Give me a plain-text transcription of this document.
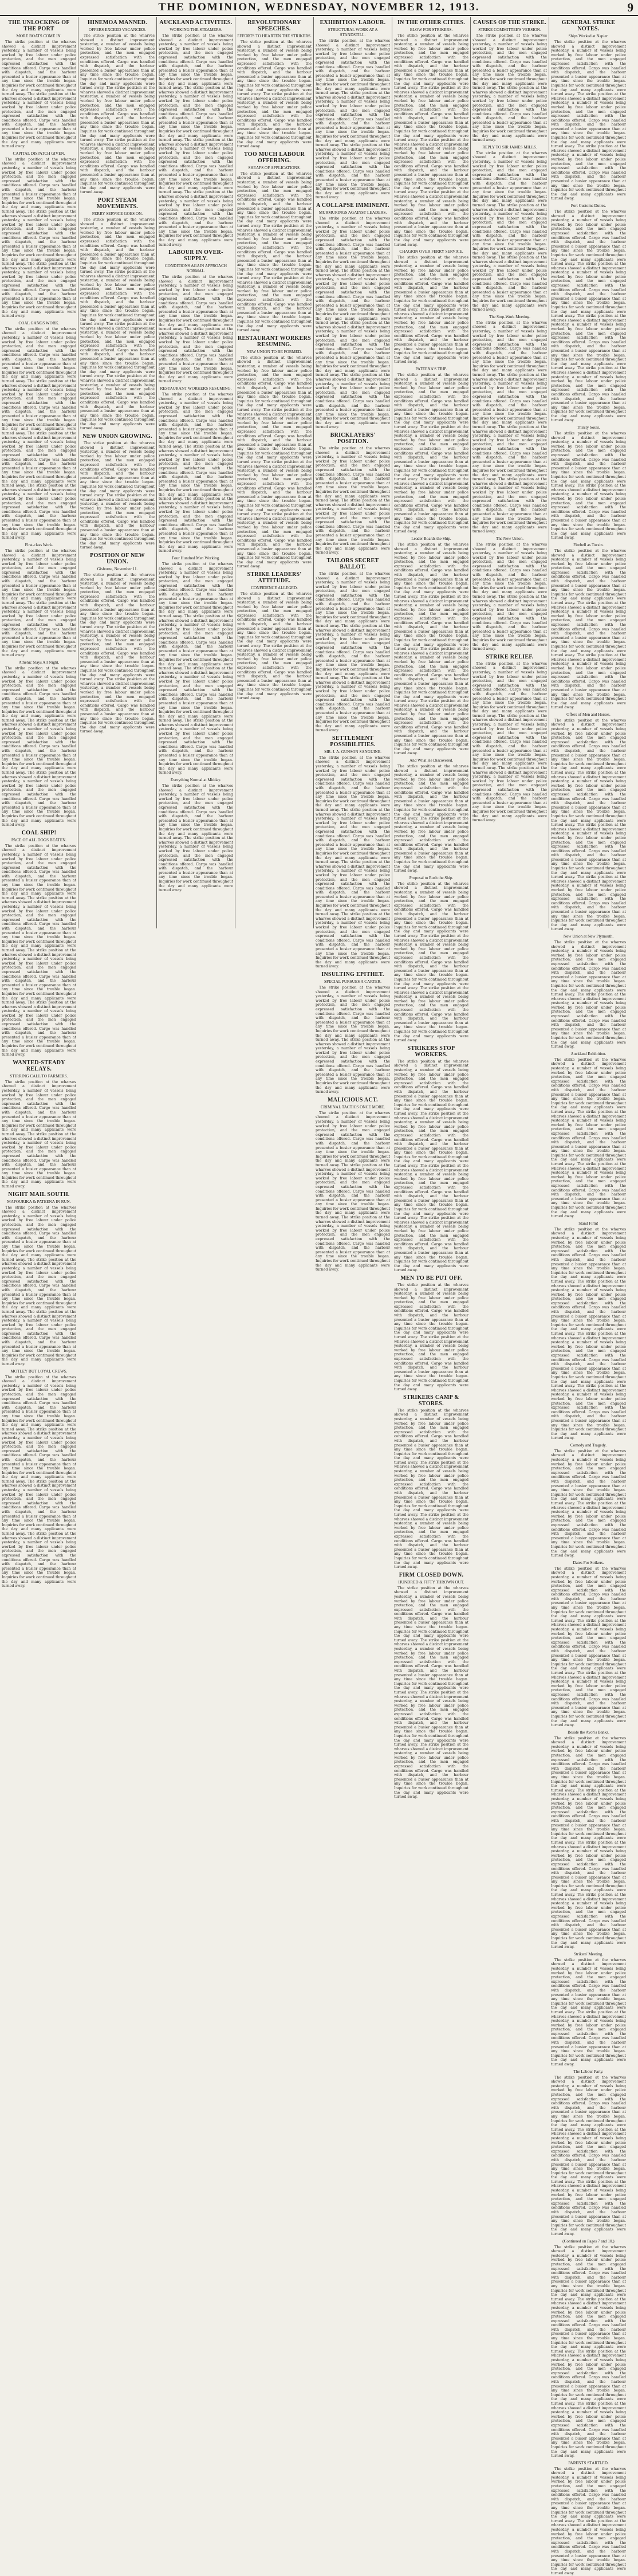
THE DOMINION, WEDNESDAY, NOVEMBER 12, 1913.	9
THE UNLOCKING OF THE PORT
MORE BOATS COME IN.
The strike position at the wharves showed a distinct improvement yesterday, a number of vessels being worked by free labour under police protection, and the men engaged expressed satisfaction with the conditions offered. Cargo was handled with dispatch, and the harbour presented a busier appearance than at any time since the trouble began. Inquiries for work continued throughout the day and many applicants were turned away. The strike position at the wharves showed a distinct improvement yesterday, a number of vessels being worked by free labour under police protection, and the men engaged expressed satisfaction with the conditions offered. Cargo was handled with dispatch, and the harbour presented a busier appearance than at any time since the trouble began. Inquiries for work continued throughout the day and many applicants were turned away.
CAPITAL DISPATCH GIVEN.
The strike position at the wharves showed a distinct improvement yesterday, a number of vessels being worked by free labour under police protection, and the men engaged expressed satisfaction with the conditions offered. Cargo was handled with dispatch, and the harbour presented a busier appearance than at any time since the trouble began. Inquiries for work continued throughout the day and many applicants were turned away. The strike position at the wharves showed a distinct improvement yesterday, a number of vessels being worked by free labour under police protection, and the men engaged expressed satisfaction with the conditions offered. Cargo was handled with dispatch, and the harbour presented a busier appearance than at any time since the trouble began. Inquiries for work continued throughout the day and many applicants were turned away. The strike position at the wharves showed a distinct improvement yesterday, a number of vessels being worked by free labour under police protection, and the men engaged expressed satisfaction with the conditions offered. Cargo was handled with dispatch, and the harbour presented a busier appearance than at any time since the trouble began. Inquiries for work continued throughout the day and many applicants were turned away.
COAL GANGS WORK.
The strike position at the wharves showed a distinct improvement yesterday, a number of vessels being worked by free labour under police protection, and the men engaged expressed satisfaction with the conditions offered. Cargo was handled with dispatch, and the harbour presented a busier appearance than at any time since the trouble began. Inquiries for work continued throughout the day and many applicants were turned away. The strike position at the wharves showed a distinct improvement yesterday, a number of vessels being worked by free labour under police protection, and the men engaged expressed satisfaction with the conditions offered. Cargo was handled with dispatch, and the harbour presented a busier appearance than at any time since the trouble began. Inquiries for work continued throughout the day and many applicants were turned away. The strike position at the wharves showed a distinct improvement yesterday, a number of vessels being worked by free labour under police protection, and the men engaged expressed satisfaction with the conditions offered. Cargo was handled with dispatch, and the harbour presented a busier appearance than at any time since the trouble began. Inquiries for work continued throughout the day and many applicants were turned away. The strike position at the wharves showed a distinct improvement yesterday, a number of vessels being worked by free labour under police protection, and the men engaged expressed satisfaction with the conditions offered. Cargo was handled with dispatch, and the harbour presented a busier appearance than at any time since the trouble began. Inquiries for work continued throughout the day and many applicants were turned away.
First-class Work.
The strike position at the wharves showed a distinct improvement yesterday, a number of vessels being worked by free labour under police protection, and the men engaged expressed satisfaction with the conditions offered. Cargo was handled with dispatch, and the harbour presented a busier appearance than at any time since the trouble began. Inquiries for work continued throughout the day and many applicants were turned away. The strike position at the wharves showed a distinct improvement yesterday, a number of vessels being worked by free labour under police protection, and the men engaged expressed satisfaction with the conditions offered. Cargo was handled with dispatch, and the harbour presented a busier appearance than at any time since the trouble began. Inquiries for work continued throughout the day and many applicants were turned away.
Athenic Stays All Night.
The strike position at the wharves showed a distinct improvement yesterday, a number of vessels being worked by free labour under police protection, and the men engaged expressed satisfaction with the conditions offered. Cargo was handled with dispatch, and the harbour presented a busier appearance than at any time since the trouble began. Inquiries for work continued throughout the day and many applicants were turned away. The strike position at the wharves showed a distinct improvement yesterday, a number of vessels being worked by free labour under police protection, and the men engaged expressed satisfaction with the conditions offered. Cargo was handled with dispatch, and the harbour presented a busier appearance than at any time since the trouble began. Inquiries for work continued throughout the day and many applicants were turned away. The strike position at the wharves showed a distinct improvement yesterday, a number of vessels being worked by free labour under police protection, and the men engaged expressed satisfaction with the conditions offered. Cargo was handled with dispatch, and the harbour presented a busier appearance than at any time since the trouble began. Inquiries for work continued throughout the day and many applicants were turned away.
COAL SHIP!
PACE OF ALL DOGS BEATEN.
The strike position at the wharves showed a distinct improvement yesterday, a number of vessels being worked by free labour under police protection, and the men engaged expressed satisfaction with the conditions offered. Cargo was handled with dispatch, and the harbour presented a busier appearance than at any time since the trouble began. Inquiries for work continued throughout the day and many applicants were turned away. The strike position at the wharves showed a distinct improvement yesterday, a number of vessels being worked by free labour under police protection, and the men engaged expressed satisfaction with the conditions offered. Cargo was handled with dispatch, and the harbour presented a busier appearance than at any time since the trouble began. Inquiries for work continued throughout the day and many applicants were turned away. The strike position at the wharves showed a distinct improvement yesterday, a number of vessels being worked by free labour under police protection, and the men engaged expressed satisfaction with the conditions offered. Cargo was handled with dispatch, and the harbour presented a busier appearance than at any time since the trouble began. Inquiries for work continued throughout the day and many applicants were turned away. The strike position at the wharves showed a distinct improvement yesterday, a number of vessels being worked by free labour under police protection, and the men engaged expressed satisfaction with the conditions offered. Cargo was handled with dispatch, and the harbour presented a busier appearance than at any time since the trouble began. Inquiries for work continued throughout the day and many applicants were turned away.
WANTED-STEADY RELAYS.
STIRRING CALL TO FARMERS.
The strike position at the wharves showed a distinct improvement yesterday, a number of vessels being worked by free labour under police protection, and the men engaged expressed satisfaction with the conditions offered. Cargo was handled with dispatch, and the harbour presented a busier appearance than at any time since the trouble began. Inquiries for work continued throughout the day and many applicants were turned away. The strike position at the wharves showed a distinct improvement yesterday, a number of vessels being worked by free labour under police protection, and the men engaged expressed satisfaction with the conditions offered. Cargo was handled with dispatch, and the harbour presented a busier appearance than at any time since the trouble began. Inquiries for work continued throughout the day and many applicants were turned away.
NIGHT MAIL SOUTH.
MAPOURIKA & PATEENA IN RUN.
The strike position at the wharves showed a distinct improvement yesterday, a number of vessels being worked by free labour under police protection, and the men engaged expressed satisfaction with the conditions offered. Cargo was handled with dispatch, and the harbour presented a busier appearance than at any time since the trouble began. Inquiries for work continued throughout the day and many applicants were turned away. The strike position at the wharves showed a distinct improvement yesterday, a number of vessels being worked by free labour under police protection, and the men engaged expressed satisfaction with the conditions offered. Cargo was handled with dispatch, and the harbour presented a busier appearance than at any time since the trouble began. Inquiries for work continued throughout the day and many applicants were turned away. The strike position at the wharves showed a distinct improvement yesterday, a number of vessels being worked by free labour under police protection, and the men engaged expressed satisfaction with the conditions offered. Cargo was handled with dispatch, and the harbour presented a busier appearance than at any time since the trouble began. Inquiries for work continued throughout the day and many applicants were turned away.
MOTLEY BUT LOYAL CREWS.
The strike position at the wharves showed a distinct improvement yesterday, a number of vessels being worked by free labour under police protection, and the men engaged expressed satisfaction with the conditions offered. Cargo was handled with dispatch, and the harbour presented a busier appearance than at any time since the trouble began. Inquiries for work continued throughout the day and many applicants were turned away. The strike position at the wharves showed a distinct improvement yesterday, a number of vessels being worked by free labour under police protection, and the men engaged expressed satisfaction with the conditions offered. Cargo was handled with dispatch, and the harbour presented a busier appearance than at any time since the trouble began. Inquiries for work continued throughout the day and many applicants were turned away. The strike position at the wharves showed a distinct improvement yesterday, a number of vessels being worked by free labour under police protection, and the men engaged expressed satisfaction with the conditions offered. Cargo was handled with dispatch, and the harbour presented a busier appearance than at any time since the trouble began. Inquiries for work continued throughout the day and many applicants were turned away. The strike position at the wharves showed a distinct improvement yesterday, a number of vessels being worked by free labour under police protection, and the men engaged expressed satisfaction with the conditions offered. Cargo was handled with dispatch, and the harbour presented a busier appearance than at any time since the trouble began. Inquiries for work continued throughout the day and many applicants were turned away.
HINEMOA MANNED.
OFFERS EXCEED VACANCIES.
The strike position at the wharves showed a distinct improvement yesterday, a number of vessels being worked by free labour under police protection, and the men engaged expressed satisfaction with the conditions offered. Cargo was handled with dispatch, and the harbour presented a busier appearance than at any time since the trouble began. Inquiries for work continued throughout the day and many applicants were turned away. The strike position at the wharves showed a distinct improvement yesterday, a number of vessels being worked by free labour under police protection, and the men engaged expressed satisfaction with the conditions offered. Cargo was handled with dispatch, and the harbour presented a busier appearance than at any time since the trouble began. Inquiries for work continued throughout the day and many applicants were turned away. The strike position at the wharves showed a distinct improvement yesterday, a number of vessels being worked by free labour under police protection, and the men engaged expressed satisfaction with the conditions offered. Cargo was handled with dispatch, and the harbour presented a busier appearance than at any time since the trouble began. Inquiries for work continued throughout the day and many applicants were turned away.
PORT STEAM MOVEMENTS.
FERRY SERVICE GOES ON.
The strike position at the wharves showed a distinct improvement yesterday, a number of vessels being worked by free labour under police protection, and the men engaged expressed satisfaction with the conditions offered. Cargo was handled with dispatch, and the harbour presented a busier appearance than at any time since the trouble began. Inquiries for work continued throughout the day and many applicants were turned away. The strike position at the wharves showed a distinct improvement yesterday, a number of vessels being worked by free labour under police protection, and the men engaged expressed satisfaction with the conditions offered. Cargo was handled with dispatch, and the harbour presented a busier appearance than at any time since the trouble began. Inquiries for work continued throughout the day and many applicants were turned away. The strike position at the wharves showed a distinct improvement yesterday, a number of vessels being worked by free labour under police protection, and the men engaged expressed satisfaction with the conditions offered. Cargo was handled with dispatch, and the harbour presented a busier appearance than at any time since the trouble began. Inquiries for work continued throughout the day and many applicants were turned away. The strike position at the wharves showed a distinct improvement yesterday, a number of vessels being worked by free labour under police protection, and the men engaged expressed satisfaction with the conditions offered. Cargo was handled with dispatch, and the harbour presented a busier appearance than at any time since the trouble began. Inquiries for work continued throughout the day and many applicants were turned away.
NEW UNION GROWING.
The strike position at the wharves showed a distinct improvement yesterday, a number of vessels being worked by free labour under police protection, and the men engaged expressed satisfaction with the conditions offered. Cargo was handled with dispatch, and the harbour presented a busier appearance than at any time since the trouble began. Inquiries for work continued throughout the day and many applicants were turned away. The strike position at the wharves showed a distinct improvement yesterday, a number of vessels being worked by free labour under police protection, and the men engaged expressed satisfaction with the conditions offered. Cargo was handled with dispatch, and the harbour presented a busier appearance than at any time since the trouble began. Inquiries for work continued throughout the day and many applicants were turned away.
POSITION OF NEW UNION.
Gisborne, November 11.
The strike position at the wharves showed a distinct improvement yesterday, a number of vessels being worked by free labour under police protection, and the men engaged expressed satisfaction with the conditions offered. Cargo was handled with dispatch, and the harbour presented a busier appearance than at any time since the trouble began. Inquiries for work continued throughout the day and many applicants were turned away. The strike position at the wharves showed a distinct improvement yesterday, a number of vessels being worked by free labour under police protection, and the men engaged expressed satisfaction with the conditions offered. Cargo was handled with dispatch, and the harbour presented a busier appearance than at any time since the trouble began. Inquiries for work continued throughout the day and many applicants were turned away. The strike position at the wharves showed a distinct improvement yesterday, a number of vessels being worked by free labour under police protection, and the men engaged expressed satisfaction with the conditions offered. Cargo was handled with dispatch, and the harbour presented a busier appearance than at any time since the trouble began. Inquiries for work continued throughout the day and many applicants were turned away.
AUCKLAND ACTIVITIES.
WORKING THE STEAMERS.
The strike position at the wharves showed a distinct improvement yesterday, a number of vessels being worked by free labour under police protection, and the men engaged expressed satisfaction with the conditions offered. Cargo was handled with dispatch, and the harbour presented a busier appearance than at any time since the trouble began. Inquiries for work continued throughout the day and many applicants were turned away. The strike position at the wharves showed a distinct improvement yesterday, a number of vessels being worked by free labour under police protection, and the men engaged expressed satisfaction with the conditions offered. Cargo was handled with dispatch, and the harbour presented a busier appearance than at any time since the trouble began. Inquiries for work continued throughout the day and many applicants were turned away. The strike position at the wharves showed a distinct improvement yesterday, a number of vessels being worked by free labour under police protection, and the men engaged expressed satisfaction with the conditions offered. Cargo was handled with dispatch, and the harbour presented a busier appearance than at any time since the trouble began. Inquiries for work continued throughout the day and many applicants were turned away. The strike position at the wharves showed a distinct improvement yesterday, a number of vessels being worked by free labour under police protection, and the men engaged expressed satisfaction with the conditions offered. Cargo was handled with dispatch, and the harbour presented a busier appearance than at any time since the trouble began. Inquiries for work continued throughout the day and many applicants were turned away.
LABOUR IN OVER-SUPPLY.
CONDITIONS AGAIN APPROACH NORMAL.
The strike position at the wharves showed a distinct improvement yesterday, a number of vessels being worked by free labour under police protection, and the men engaged expressed satisfaction with the conditions offered. Cargo was handled with dispatch, and the harbour presented a busier appearance than at any time since the trouble began. Inquiries for work continued throughout the day and many applicants were turned away. The strike position at the wharves showed a distinct improvement yesterday, a number of vessels being worked by free labour under police protection, and the men engaged expressed satisfaction with the conditions offered. Cargo was handled with dispatch, and the harbour presented a busier appearance than at any time since the trouble began. Inquiries for work continued throughout the day and many applicants were turned away.
RESTAURANT WORKERS RESUMING.
The strike position at the wharves showed a distinct improvement yesterday, a number of vessels being worked by free labour under police protection, and the men engaged expressed satisfaction with the conditions offered. Cargo was handled with dispatch, and the harbour presented a busier appearance than at any time since the trouble began. Inquiries for work continued throughout the day and many applicants were turned away. The strike position at the wharves showed a distinct improvement yesterday, a number of vessels being worked by free labour under police protection, and the men engaged expressed satisfaction with the conditions offered. Cargo was handled with dispatch, and the harbour presented a busier appearance than at any time since the trouble began. Inquiries for work continued throughout the day and many applicants were turned away. The strike position at the wharves showed a distinct improvement yesterday, a number of vessels being worked by free labour under police protection, and the men engaged expressed satisfaction with the conditions offered. Cargo was handled with dispatch, and the harbour presented a busier appearance than at any time since the trouble began. Inquiries for work continued throughout the day and many applicants were turned away.
Four Hundred Men Working.
The strike position at the wharves showed a distinct improvement yesterday, a number of vessels being worked by free labour under police protection, and the men engaged expressed satisfaction with the conditions offered. Cargo was handled with dispatch, and the harbour presented a busier appearance than at any time since the trouble began. Inquiries for work continued throughout the day and many applicants were turned away. The strike position at the wharves showed a distinct improvement yesterday, a number of vessels being worked by free labour under police protection, and the men engaged expressed satisfaction with the conditions offered. Cargo was handled with dispatch, and the harbour presented a busier appearance than at any time since the trouble began. Inquiries for work continued throughout the day and many applicants were turned away. The strike position at the wharves showed a distinct improvement yesterday, a number of vessels being worked by free labour under police protection, and the men engaged expressed satisfaction with the conditions offered. Cargo was handled with dispatch, and the harbour presented a busier appearance than at any time since the trouble began. Inquiries for work continued throughout the day and many applicants were turned away. The strike position at the wharves showed a distinct improvement yesterday, a number of vessels being worked by free labour under police protection, and the men engaged expressed satisfaction with the conditions offered. Cargo was handled with dispatch, and the harbour presented a busier appearance than at any time since the trouble began. Inquiries for work continued throughout the day and many applicants were turned away.
Everything Normal at Midday.
The strike position at the wharves showed a distinct improvement yesterday, a number of vessels being worked by free labour under police protection, and the men engaged expressed satisfaction with the conditions offered. Cargo was handled with dispatch, and the harbour presented a busier appearance than at any time since the trouble began. Inquiries for work continued throughout the day and many applicants were turned away. The strike position at the wharves showed a distinct improvement yesterday, a number of vessels being worked by free labour under police protection, and the men engaged expressed satisfaction with the conditions offered. Cargo was handled with dispatch, and the harbour presented a busier appearance than at any time since the trouble began. Inquiries for work continued throughout the day and many applicants were turned away.
REVOLUTIONARY SPEECHES.
EFFORTS TO HEARTEN THE STRIKERS.
The strike position at the wharves showed a distinct improvement yesterday, a number of vessels being worked by free labour under police protection, and the men engaged expressed satisfaction with the conditions offered. Cargo was handled with dispatch, and the harbour presented a busier appearance than at any time since the trouble began. Inquiries for work continued throughout the day and many applicants were turned away. The strike position at the wharves showed a distinct improvement yesterday, a number of vessels being worked by free labour under police protection, and the men engaged expressed satisfaction with the conditions offered. Cargo was handled with dispatch, and the harbour presented a busier appearance than at any time since the trouble began. Inquiries for work continued throughout the day and many applicants were turned away.
TOO MUCH LABOUR OFFERING.
SHEAFS OF APPLICATIONS.
The strike position at the wharves showed a distinct improvement yesterday, a number of vessels being worked by free labour under police protection, and the men engaged expressed satisfaction with the conditions offered. Cargo was handled with dispatch, and the harbour presented a busier appearance than at any time since the trouble began. Inquiries for work continued throughout the day and many applicants were turned away. The strike position at the wharves showed a distinct improvement yesterday, a number of vessels being worked by free labour under police protection, and the men engaged expressed satisfaction with the conditions offered. Cargo was handled with dispatch, and the harbour presented a busier appearance than at any time since the trouble began. Inquiries for work continued throughout the day and many applicants were turned away. The strike position at the wharves showed a distinct improvement yesterday, a number of vessels being worked by free labour under police protection, and the men engaged expressed satisfaction with the conditions offered. Cargo was handled with dispatch, and the harbour presented a busier appearance than at any time since the trouble began. Inquiries for work continued throughout the day and many applicants were turned away.
RESTAURANT WORKERS RESUMING.
NEW UNION TO BE FORMED.
The strike position at the wharves showed a distinct improvement yesterday, a number of vessels being worked by free labour under police protection, and the men engaged expressed satisfaction with the conditions offered. Cargo was handled with dispatch, and the harbour presented a busier appearance than at any time since the trouble began. Inquiries for work continued throughout the day and many applicants were turned away. The strike position at the wharves showed a distinct improvement yesterday, a number of vessels being worked by free labour under police protection, and the men engaged expressed satisfaction with the conditions offered. Cargo was handled with dispatch, and the harbour presented a busier appearance than at any time since the trouble began. Inquiries for work continued throughout the day and many applicants were turned away. The strike position at the wharves showed a distinct improvement yesterday, a number of vessels being worked by free labour under police protection, and the men engaged expressed satisfaction with the conditions offered. Cargo was handled with dispatch, and the harbour presented a busier appearance than at any time since the trouble began. Inquiries for work continued throughout the day and many applicants were turned away. The strike position at the wharves showed a distinct improvement yesterday, a number of vessels being worked by free labour under police protection, and the men engaged expressed satisfaction with the conditions offered. Cargo was handled with dispatch, and the harbour presented a busier appearance than at any time since the trouble began. Inquiries for work continued throughout the day and many applicants were turned away.
STRIKE LEADERS' ATTITUDE.
CONFIDENCE ALLEGED.
The strike position at the wharves showed a distinct improvement yesterday, a number of vessels being worked by free labour under police protection, and the men engaged expressed satisfaction with the conditions offered. Cargo was handled with dispatch, and the harbour presented a busier appearance than at any time since the trouble began. Inquiries for work continued throughout the day and many applicants were turned away. The strike position at the wharves showed a distinct improvement yesterday, a number of vessels being worked by free labour under police protection, and the men engaged expressed satisfaction with the conditions offered. Cargo was handled with dispatch, and the harbour presented a busier appearance than at any time since the trouble began. Inquiries for work continued throughout the day and many applicants were turned away.
EXHIBITION LABOUR.
STRUCTURAL WORK AT A STANDSTILL.
The strike position at the wharves showed a distinct improvement yesterday, a number of vessels being worked by free labour under police protection, and the men engaged expressed satisfaction with the conditions offered. Cargo was handled with dispatch, and the harbour presented a busier appearance than at any time since the trouble began. Inquiries for work continued throughout the day and many applicants were turned away. The strike position at the wharves showed a distinct improvement yesterday, a number of vessels being worked by free labour under police protection, and the men engaged expressed satisfaction with the conditions offered. Cargo was handled with dispatch, and the harbour presented a busier appearance than at any time since the trouble began. Inquiries for work continued throughout the day and many applicants were turned away. The strike position at the wharves showed a distinct improvement yesterday, a number of vessels being worked by free labour under police protection, and the men engaged expressed satisfaction with the conditions offered. Cargo was handled with dispatch, and the harbour presented a busier appearance than at any time since the trouble began. Inquiries for work continued throughout the day and many applicants were turned away.
A COLLAPSE IMMINENT.
MURMURINGS AGAINST LEADERS.
The strike position at the wharves showed a distinct improvement yesterday, a number of vessels being worked by free labour under police protection, and the men engaged expressed satisfaction with the conditions offered. Cargo was handled with dispatch, and the harbour presented a busier appearance than at any time since the trouble began. Inquiries for work continued throughout the day and many applicants were turned away. The strike position at the wharves showed a distinct improvement yesterday, a number of vessels being worked by free labour under police protection, and the men engaged expressed satisfaction with the conditions offered. Cargo was handled with dispatch, and the harbour presented a busier appearance than at any time since the trouble began. Inquiries for work continued throughout the day and many applicants were turned away. The strike position at the wharves showed a distinct improvement yesterday, a number of vessels being worked by free labour under police protection, and the men engaged expressed satisfaction with the conditions offered. Cargo was handled with dispatch, and the harbour presented a busier appearance than at any time since the trouble began. Inquiries for work continued throughout the day and many applicants were turned away. The strike position at the wharves showed a distinct improvement yesterday, a number of vessels being worked by free labour under police protection, and the men engaged expressed satisfaction with the conditions offered. Cargo was handled with dispatch, and the harbour presented a busier appearance than at any time since the trouble began. Inquiries for work continued throughout the day and many applicants were turned away.
BRICKLAYERS' POSITION.
The strike position at the wharves showed a distinct improvement yesterday, a number of vessels being worked by free labour under police protection, and the men engaged expressed satisfaction with the conditions offered. Cargo was handled with dispatch, and the harbour presented a busier appearance than at any time since the trouble began. Inquiries for work continued throughout the day and many applicants were turned away. The strike position at the wharves showed a distinct improvement yesterday, a number of vessels being worked by free labour under police protection, and the men engaged expressed satisfaction with the conditions offered. Cargo was handled with dispatch, and the harbour presented a busier appearance than at any time since the trouble began. Inquiries for work continued throughout the day and many applicants were turned away.
TAILORS SECRET BALLOT.
The strike position at the wharves showed a distinct improvement yesterday, a number of vessels being worked by free labour under police protection, and the men engaged expressed satisfaction with the conditions offered. Cargo was handled with dispatch, and the harbour presented a busier appearance than at any time since the trouble began. Inquiries for work continued throughout the day and many applicants were turned away. The strike position at the wharves showed a distinct improvement yesterday, a number of vessels being worked by free labour under police protection, and the men engaged expressed satisfaction with the conditions offered. Cargo was handled with dispatch, and the harbour presented a busier appearance than at any time since the trouble began. Inquiries for work continued throughout the day and many applicants were turned away. The strike position at the wharves showed a distinct improvement yesterday, a number of vessels being worked by free labour under police protection, and the men engaged expressed satisfaction with the conditions offered. Cargo was handled with dispatch, and the harbour presented a busier appearance than at any time since the trouble began. Inquiries for work continued throughout the day and many applicants were turned away.
SETTLEMENT POSSIBILITIES.
MR. J. A. GUNSON SANGUINE.
The strike position at the wharves showed a distinct improvement yesterday, a number of vessels being worked by free labour under police protection, and the men engaged expressed satisfaction with the conditions offered. Cargo was handled with dispatch, and the harbour presented a busier appearance than at any time since the trouble began. Inquiries for work continued throughout the day and many applicants were turned away. The strike position at the wharves showed a distinct improvement yesterday, a number of vessels being worked by free labour under police protection, and the men engaged expressed satisfaction with the conditions offered. Cargo was handled with dispatch, and the harbour presented a busier appearance than at any time since the trouble began. Inquiries for work continued throughout the day and many applicants were turned away. The strike position at the wharves showed a distinct improvement yesterday, a number of vessels being worked by free labour under police protection, and the men engaged expressed satisfaction with the conditions offered. Cargo was handled with dispatch, and the harbour presented a busier appearance than at any time since the trouble began. Inquiries for work continued throughout the day and many applicants were turned away. The strike position at the wharves showed a distinct improvement yesterday, a number of vessels being worked by free labour under police protection, and the men engaged expressed satisfaction with the conditions offered. Cargo was handled with dispatch, and the harbour presented a busier appearance than at any time since the trouble began. Inquiries for work continued throughout the day and many applicants were turned away.
INSULTING EPITHET.
SPECIAL PURSUES A CARTER.
The strike position at the wharves showed a distinct improvement yesterday, a number of vessels being worked by free labour under police protection, and the men engaged expressed satisfaction with the conditions offered. Cargo was handled with dispatch, and the harbour presented a busier appearance than at any time since the trouble began. Inquiries for work continued throughout the day and many applicants were turned away. The strike position at the wharves showed a distinct improvement yesterday, a number of vessels being worked by free labour under police protection, and the men engaged expressed satisfaction with the conditions offered. Cargo was handled with dispatch, and the harbour presented a busier appearance than at any time since the trouble began. Inquiries for work continued throughout the day and many applicants were turned away.
MALICIOUS ACT.
CRIMINAL TACTICS ONCE MORE.
The strike position at the wharves showed a distinct improvement yesterday, a number of vessels being worked by free labour under police protection, and the men engaged expressed satisfaction with the conditions offered. Cargo was handled with dispatch, and the harbour presented a busier appearance than at any time since the trouble began. Inquiries for work continued throughout the day and many applicants were turned away. The strike position at the wharves showed a distinct improvement yesterday, a number of vessels being worked by free labour under police protection, and the men engaged expressed satisfaction with the conditions offered. Cargo was handled with dispatch, and the harbour presented a busier appearance than at any time since the trouble began. Inquiries for work continued throughout the day and many applicants were turned away. The strike position at the wharves showed a distinct improvement yesterday, a number of vessels being worked by free labour under police protection, and the men engaged expressed satisfaction with the conditions offered. Cargo was handled with dispatch, and the harbour presented a busier appearance than at any time since the trouble began. Inquiries for work continued throughout the day and many applicants were turned away.
IN THE OTHER CITIES.
BLOW FOR STRIKERS.
The strike position at the wharves showed a distinct improvement yesterday, a number of vessels being worked by free labour under police protection, and the men engaged expressed satisfaction with the conditions offered. Cargo was handled with dispatch, and the harbour presented a busier appearance than at any time since the trouble began. Inquiries for work continued throughout the day and many applicants were turned away. The strike position at the wharves showed a distinct improvement yesterday, a number of vessels being worked by free labour under police protection, and the men engaged expressed satisfaction with the conditions offered. Cargo was handled with dispatch, and the harbour presented a busier appearance than at any time since the trouble began. Inquiries for work continued throughout the day and many applicants were turned away. The strike position at the wharves showed a distinct improvement yesterday, a number of vessels being worked by free labour under police protection, and the men engaged expressed satisfaction with the conditions offered. Cargo was handled with dispatch, and the harbour presented a busier appearance than at any time since the trouble began. Inquiries for work continued throughout the day and many applicants were turned away. The strike position at the wharves showed a distinct improvement yesterday, a number of vessels being worked by free labour under police protection, and the men engaged expressed satisfaction with the conditions offered. Cargo was handled with dispatch, and the harbour presented a busier appearance than at any time since the trouble began. Inquiries for work continued throughout the day and many applicants were turned away.
CHAGRIN OVER FERRY SERVICE.
The strike position at the wharves showed a distinct improvement yesterday, a number of vessels being worked by free labour under police protection, and the men engaged expressed satisfaction with the conditions offered. Cargo was handled with dispatch, and the harbour presented a busier appearance than at any time since the trouble began. Inquiries for work continued throughout the day and many applicants were turned away. The strike position at the wharves showed a distinct improvement yesterday, a number of vessels being worked by free labour under police protection, and the men engaged expressed satisfaction with the conditions offered. Cargo was handled with dispatch, and the harbour presented a busier appearance than at any time since the trouble began. Inquiries for work continued throughout the day and many applicants were turned away.
PATEENA'S TRIP.
The strike position at the wharves showed a distinct improvement yesterday, a number of vessels being worked by free labour under police protection, and the men engaged expressed satisfaction with the conditions offered. Cargo was handled with dispatch, and the harbour presented a busier appearance than at any time since the trouble began. Inquiries for work continued throughout the day and many applicants were turned away. The strike position at the wharves showed a distinct improvement yesterday, a number of vessels being worked by free labour under police protection, and the men engaged expressed satisfaction with the conditions offered. Cargo was handled with dispatch, and the harbour presented a busier appearance than at any time since the trouble began. Inquiries for work continued throughout the day and many applicants were turned away. The strike position at the wharves showed a distinct improvement yesterday, a number of vessels being worked by free labour under police protection, and the men engaged expressed satisfaction with the conditions offered. Cargo was handled with dispatch, and the harbour presented a busier appearance than at any time since the trouble began. Inquiries for work continued throughout the day and many applicants were turned away.
Leader Boards the Ship.
The strike position at the wharves showed a distinct improvement yesterday, a number of vessels being worked by free labour under police protection, and the men engaged expressed satisfaction with the conditions offered. Cargo was handled with dispatch, and the harbour presented a busier appearance than at any time since the trouble began. Inquiries for work continued throughout the day and many applicants were turned away. The strike position at the wharves showed a distinct improvement yesterday, a number of vessels being worked by free labour under police protection, and the men engaged expressed satisfaction with the conditions offered. Cargo was handled with dispatch, and the harbour presented a busier appearance than at any time since the trouble began. Inquiries for work continued throughout the day and many applicants were turned away. The strike position at the wharves showed a distinct improvement yesterday, a number of vessels being worked by free labour under police protection, and the men engaged expressed satisfaction with the conditions offered. Cargo was handled with dispatch, and the harbour presented a busier appearance than at any time since the trouble began. Inquiries for work continued throughout the day and many applicants were turned away. The strike position at the wharves showed a distinct improvement yesterday, a number of vessels being worked by free labour under police protection, and the men engaged expressed satisfaction with the conditions offered. Cargo was handled with dispatch, and the harbour presented a busier appearance than at any time since the trouble began. Inquiries for work continued throughout the day and many applicants were turned away.
And What He Discovered.
The strike position at the wharves showed a distinct improvement yesterday, a number of vessels being worked by free labour under police protection, and the men engaged expressed satisfaction with the conditions offered. Cargo was handled with dispatch, and the harbour presented a busier appearance than at any time since the trouble began. Inquiries for work continued throughout the day and many applicants were turned away. The strike position at the wharves showed a distinct improvement yesterday, a number of vessels being worked by free labour under police protection, and the men engaged expressed satisfaction with the conditions offered. Cargo was handled with dispatch, and the harbour presented a busier appearance than at any time since the trouble began. Inquiries for work continued throughout the day and many applicants were turned away.
Proposal to Rush the Ship.
The strike position at the wharves showed a distinct improvement yesterday, a number of vessels being worked by free labour under police protection, and the men engaged expressed satisfaction with the conditions offered. Cargo was handled with dispatch, and the harbour presented a busier appearance than at any time since the trouble began. Inquiries for work continued throughout the day and many applicants were turned away. The strike position at the wharves showed a distinct improvement yesterday, a number of vessels being worked by free labour under police protection, and the men engaged expressed satisfaction with the conditions offered. Cargo was handled with dispatch, and the harbour presented a busier appearance than at any time since the trouble began. Inquiries for work continued throughout the day and many applicants were turned away. The strike position at the wharves showed a distinct improvement yesterday, a number of vessels being worked by free labour under police protection, and the men engaged expressed satisfaction with the conditions offered. Cargo was handled with dispatch, and the harbour presented a busier appearance than at any time since the trouble began. Inquiries for work continued throughout the day and many applicants were turned away.
STRIKERS STOP WORKERS.
The strike position at the wharves showed a distinct improvement yesterday, a number of vessels being worked by free labour under police protection, and the men engaged expressed satisfaction with the conditions offered. Cargo was handled with dispatch, and the harbour presented a busier appearance than at any time since the trouble began. Inquiries for work continued throughout the day and many applicants were turned away. The strike position at the wharves showed a distinct improvement yesterday, a number of vessels being worked by free labour under police protection, and the men engaged expressed satisfaction with the conditions offered. Cargo was handled with dispatch, and the harbour presented a busier appearance than at any time since the trouble began. Inquiries for work continued throughout the day and many applicants were turned away. The strike position at the wharves showed a distinct improvement yesterday, a number of vessels being worked by free labour under police protection, and the men engaged expressed satisfaction with the conditions offered. Cargo was handled with dispatch, and the harbour presented a busier appearance than at any time since the trouble began. Inquiries for work continued throughout the day and many applicants were turned away. The strike position at the wharves showed a distinct improvement yesterday, a number of vessels being worked by free labour under police protection, and the men engaged expressed satisfaction with the conditions offered. Cargo was handled with dispatch, and the harbour presented a busier appearance than at any time since the trouble began. Inquiries for work continued throughout the day and many applicants were turned away.
MEN TO BE PUT OFF.
The strike position at the wharves showed a distinct improvement yesterday, a number of vessels being worked by free labour under police protection, and the men engaged expressed satisfaction with the conditions offered. Cargo was handled with dispatch, and the harbour presented a busier appearance than at any time since the trouble began. Inquiries for work continued throughout the day and many applicants were turned away. The strike position at the wharves showed a distinct improvement yesterday, a number of vessels being worked by free labour under police protection, and the men engaged expressed satisfaction with the conditions offered. Cargo was handled with dispatch, and the harbour presented a busier appearance than at any time since the trouble began. Inquiries for work continued throughout the day and many applicants were turned away.
STRIKERS CAMP & STORES.
The strike position at the wharves showed a distinct improvement yesterday, a number of vessels being worked by free labour under police protection, and the men engaged expressed satisfaction with the conditions offered. Cargo was handled with dispatch, and the harbour presented a busier appearance than at any time since the trouble began. Inquiries for work continued throughout the day and many applicants were turned away. The strike position at the wharves showed a distinct improvement yesterday, a number of vessels being worked by free labour under police protection, and the men engaged expressed satisfaction with the conditions offered. Cargo was handled with dispatch, and the harbour presented a busier appearance than at any time since the trouble began. Inquiries for work continued throughout the day and many applicants were turned away. The strike position at the wharves showed a distinct improvement yesterday, a number of vessels being worked by free labour under police protection, and the men engaged expressed satisfaction with the conditions offered. Cargo was handled with dispatch, and the harbour presented a busier appearance than at any time since the trouble began. Inquiries for work continued throughout the day and many applicants were turned away.
FIRM CLOSED DOWN.
HUNDRED & FIFTY THROWN OUT.
The strike position at the wharves showed a distinct improvement yesterday, a number of vessels being worked by free labour under police protection, and the men engaged expressed satisfaction with the conditions offered. Cargo was handled with dispatch, and the harbour presented a busier appearance than at any time since the trouble began. Inquiries for work continued throughout the day and many applicants were turned away. The strike position at the wharves showed a distinct improvement yesterday, a number of vessels being worked by free labour under police protection, and the men engaged expressed satisfaction with the conditions offered. Cargo was handled with dispatch, and the harbour presented a busier appearance than at any time since the trouble began. Inquiries for work continued throughout the day and many applicants were turned away. The strike position at the wharves showed a distinct improvement yesterday, a number of vessels being worked by free labour under police protection, and the men engaged expressed satisfaction with the conditions offered. Cargo was handled with dispatch, and the harbour presented a busier appearance than at any time since the trouble began. Inquiries for work continued throughout the day and many applicants were turned away. The strike position at the wharves showed a distinct improvement yesterday, a number of vessels being worked by free labour under police protection, and the men engaged expressed satisfaction with the conditions offered. Cargo was handled with dispatch, and the harbour presented a busier appearance than at any time since the trouble began. Inquiries for work continued throughout the day and many applicants were turned away.
CAUSES OF THE STRIKE.
STRIKE COMMITTEE'S VERSION.
The strike position at the wharves showed a distinct improvement yesterday, a number of vessels being worked by free labour under police protection, and the men engaged expressed satisfaction with the conditions offered. Cargo was handled with dispatch, and the harbour presented a busier appearance than at any time since the trouble began. Inquiries for work continued throughout the day and many applicants were turned away. The strike position at the wharves showed a distinct improvement yesterday, a number of vessels being worked by free labour under police protection, and the men engaged expressed satisfaction with the conditions offered. Cargo was handled with dispatch, and the harbour presented a busier appearance than at any time since the trouble began. Inquiries for work continued throughout the day and many applicants were turned away.
REPLY TO SIR JAMES MILLS.
The strike position at the wharves showed a distinct improvement yesterday, a number of vessels being worked by free labour under police protection, and the men engaged expressed satisfaction with the conditions offered. Cargo was handled with dispatch, and the harbour presented a busier appearance than at any time since the trouble began. Inquiries for work continued throughout the day and many applicants were turned away. The strike position at the wharves showed a distinct improvement yesterday, a number of vessels being worked by free labour under police protection, and the men engaged expressed satisfaction with the conditions offered. Cargo was handled with dispatch, and the harbour presented a busier appearance than at any time since the trouble began. Inquiries for work continued throughout the day and many applicants were turned away. The strike position at the wharves showed a distinct improvement yesterday, a number of vessels being worked by free labour under police protection, and the men engaged expressed satisfaction with the conditions offered. Cargo was handled with dispatch, and the harbour presented a busier appearance than at any time since the trouble began. Inquiries for work continued throughout the day and many applicants were turned away.
The Stop-Work Meeting.
The strike position at the wharves showed a distinct improvement yesterday, a number of vessels being worked by free labour under police protection, and the men engaged expressed satisfaction with the conditions offered. Cargo was handled with dispatch, and the harbour presented a busier appearance than at any time since the trouble began. Inquiries for work continued throughout the day and many applicants were turned away. The strike position at the wharves showed a distinct improvement yesterday, a number of vessels being worked by free labour under police protection, and the men engaged expressed satisfaction with the conditions offered. Cargo was handled with dispatch, and the harbour presented a busier appearance than at any time since the trouble began. Inquiries for work continued throughout the day and many applicants were turned away. The strike position at the wharves showed a distinct improvement yesterday, a number of vessels being worked by free labour under police protection, and the men engaged expressed satisfaction with the conditions offered. Cargo was handled with dispatch, and the harbour presented a busier appearance than at any time since the trouble began. Inquiries for work continued throughout the day and many applicants were turned away. The strike position at the wharves showed a distinct improvement yesterday, a number of vessels being worked by free labour under police protection, and the men engaged expressed satisfaction with the conditions offered. Cargo was handled with dispatch, and the harbour presented a busier appearance than at any time since the trouble began. Inquiries for work continued throughout the day and many applicants were turned away.
The New Union.
The strike position at the wharves showed a distinct improvement yesterday, a number of vessels being worked by free labour under police protection, and the men engaged expressed satisfaction with the conditions offered. Cargo was handled with dispatch, and the harbour presented a busier appearance than at any time since the trouble began. Inquiries for work continued throughout the day and many applicants were turned away. The strike position at the wharves showed a distinct improvement yesterday, a number of vessels being worked by free labour under police protection, and the men engaged expressed satisfaction with the conditions offered. Cargo was handled with dispatch, and the harbour presented a busier appearance than at any time since the trouble began. Inquiries for work continued throughout the day and many applicants were turned away.
STRIKE RELIEF.
The strike position at the wharves showed a distinct improvement yesterday, a number of vessels being worked by free labour under police protection, and the men engaged expressed satisfaction with the conditions offered. Cargo was handled with dispatch, and the harbour presented a busier appearance than at any time since the trouble began. Inquiries for work continued throughout the day and many applicants were turned away. The strike position at the wharves showed a distinct improvement yesterday, a number of vessels being worked by free labour under police protection, and the men engaged expressed satisfaction with the conditions offered. Cargo was handled with dispatch, and the harbour presented a busier appearance than at any time since the trouble began. Inquiries for work continued throughout the day and many applicants were turned away. The strike position at the wharves showed a distinct improvement yesterday, a number of vessels being worked by free labour under police protection, and the men engaged expressed satisfaction with the conditions offered. Cargo was handled with dispatch, and the harbour presented a busier appearance than at any time since the trouble began. Inquiries for work continued throughout the day and many applicants were turned away.
GENERAL STRIKE NOTES.
Ships Worked at Napier.
The strike position at the wharves showed a distinct improvement yesterday, a number of vessels being worked by free labour under police protection, and the men engaged expressed satisfaction with the conditions offered. Cargo was handled with dispatch, and the harbour presented a busier appearance than at any time since the trouble began. Inquiries for work continued throughout the day and many applicants were turned away. The strike position at the wharves showed a distinct improvement yesterday, a number of vessels being worked by free labour under police protection, and the men engaged expressed satisfaction with the conditions offered. Cargo was handled with dispatch, and the harbour presented a busier appearance than at any time since the trouble began. Inquiries for work continued throughout the day and many applicants were turned away. The strike position at the wharves showed a distinct improvement yesterday, a number of vessels being worked by free labour under police protection, and the men engaged expressed satisfaction with the conditions offered. Cargo was handled with dispatch, and the harbour presented a busier appearance than at any time since the trouble began. Inquiries for work continued throughout the day and many applicants were turned away.
Port Customs Duties.
The strike position at the wharves showed a distinct improvement yesterday, a number of vessels being worked by free labour under police protection, and the men engaged expressed satisfaction with the conditions offered. Cargo was handled with dispatch, and the harbour presented a busier appearance than at any time since the trouble began. Inquiries for work continued throughout the day and many applicants were turned away. The strike position at the wharves showed a distinct improvement yesterday, a number of vessels being worked by free labour under police protection, and the men engaged expressed satisfaction with the conditions offered. Cargo was handled with dispatch, and the harbour presented a busier appearance than at any time since the trouble began. Inquiries for work continued throughout the day and many applicants were turned away. The strike position at the wharves showed a distinct improvement yesterday, a number of vessels being worked by free labour under police protection, and the men engaged expressed satisfaction with the conditions offered. Cargo was handled with dispatch, and the harbour presented a busier appearance than at any time since the trouble began. Inquiries for work continued throughout the day and many applicants were turned away. The strike position at the wharves showed a distinct improvement yesterday, a number of vessels being worked by free labour under police protection, and the men engaged expressed satisfaction with the conditions offered. Cargo was handled with dispatch, and the harbour presented a busier appearance than at any time since the trouble began. Inquiries for work continued throughout the day and many applicants were turned away.
Thirsty Souls.
The strike position at the wharves showed a distinct improvement yesterday, a number of vessels being worked by free labour under police protection, and the men engaged expressed satisfaction with the conditions offered. Cargo was handled with dispatch, and the harbour presented a busier appearance than at any time since the trouble began. Inquiries for work continued throughout the day and many applicants were turned away. The strike position at the wharves showed a distinct improvement yesterday, a number of vessels being worked by free labour under police protection, and the men engaged expressed satisfaction with the conditions offered. Cargo was handled with dispatch, and the harbour presented a busier appearance than at any time since the trouble began. Inquiries for work continued throughout the day and many applicants were turned away.
Firebell as Tocsin.
The strike position at the wharves showed a distinct improvement yesterday, a number of vessels being worked by free labour under police protection, and the men engaged expressed satisfaction with the conditions offered. Cargo was handled with dispatch, and the harbour presented a busier appearance than at any time since the trouble began. Inquiries for work continued throughout the day and many applicants were turned away. The strike position at the wharves showed a distinct improvement yesterday, a number of vessels being worked by free labour under police protection, and the men engaged expressed satisfaction with the conditions offered. Cargo was handled with dispatch, and the harbour presented a busier appearance than at any time since the trouble began. Inquiries for work continued throughout the day and many applicants were turned away. The strike position at the wharves showed a distinct improvement yesterday, a number of vessels being worked by free labour under police protection, and the men engaged expressed satisfaction with the conditions offered. Cargo was handled with dispatch, and the harbour presented a busier appearance than at any time since the trouble began. Inquiries for work continued throughout the day and many applicants were turned away.
Offers of Men and Horses.
The strike position at the wharves showed a distinct improvement yesterday, a number of vessels being worked by free labour under police protection, and the men engaged expressed satisfaction with the conditions offered. Cargo was handled with dispatch, and the harbour presented a busier appearance than at any time since the trouble began. Inquiries for work continued throughout the day and many applicants were turned away. The strike position at the wharves showed a distinct improvement yesterday, a number of vessels being worked by free labour under police protection, and the men engaged expressed satisfaction with the conditions offered. Cargo was handled with dispatch, and the harbour presented a busier appearance than at any time since the trouble began. Inquiries for work continued throughout the day and many applicants were turned away. The strike position at the wharves showed a distinct improvement yesterday, a number of vessels being worked by free labour under police protection, and the men engaged expressed satisfaction with the conditions offered. Cargo was handled with dispatch, and the harbour presented a busier appearance than at any time since the trouble began. Inquiries for work continued throughout the day and many applicants were turned away. The strike position at the wharves showed a distinct improvement yesterday, a number of vessels being worked by free labour under police protection, and the men engaged expressed satisfaction with the conditions offered. Cargo was handled with dispatch, and the harbour presented a busier appearance than at any time since the trouble began. Inquiries for work continued throughout the day and many applicants were turned away.
New Union at New Plymouth.
The strike position at the wharves showed a distinct improvement yesterday, a number of vessels being worked by free labour under police protection, and the men engaged expressed satisfaction with the conditions offered. Cargo was handled with dispatch, and the harbour presented a busier appearance than at any time since the trouble began. Inquiries for work continued throughout the day and many applicants were turned away. The strike position at the wharves showed a distinct improvement yesterday, a number of vessels being worked by free labour under police protection, and the men engaged expressed satisfaction with the conditions offered. Cargo was handled with dispatch, and the harbour presented a busier appearance than at any time since the trouble began. Inquiries for work continued throughout the day and many applicants were turned away.
Auckland Exhibition.
The strike position at the wharves showed a distinct improvement yesterday, a number of vessels being worked by free labour under police protection, and the men engaged expressed satisfaction with the conditions offered. Cargo was handled with dispatch, and the harbour presented a busier appearance than at any time since the trouble began. Inquiries for work continued throughout the day and many applicants were turned away. The strike position at the wharves showed a distinct improvement yesterday, a number of vessels being worked by free labour under police protection, and the men engaged expressed satisfaction with the conditions offered. Cargo was handled with dispatch, and the harbour presented a busier appearance than at any time since the trouble began. Inquiries for work continued throughout the day and many applicants were turned away. The strike position at the wharves showed a distinct improvement yesterday, a number of vessels being worked by free labour under police protection, and the men engaged expressed satisfaction with the conditions offered. Cargo was handled with dispatch, and the harbour presented a busier appearance than at any time since the trouble began. Inquiries for work continued throughout the day and many applicants were turned away.
Stand Firm!
The strike position at the wharves showed a distinct improvement yesterday, a number of vessels being worked by free labour under police protection, and the men engaged expressed satisfaction with the conditions offered. Cargo was handled with dispatch, and the harbour presented a busier appearance than at any time since the trouble began. Inquiries for work continued throughout the day and many applicants were turned away. The strike position at the wharves showed a distinct improvement yesterday, a number of vessels being worked by free labour under police protection, and the men engaged expressed satisfaction with the conditions offered. Cargo was handled with dispatch, and the harbour presented a busier appearance than at any time since the trouble began. Inquiries for work continued throughout the day and many applicants were turned away. The strike position at the wharves showed a distinct improvement yesterday, a number of vessels being worked by free labour under police protection, and the men engaged expressed satisfaction with the conditions offered. Cargo was handled with dispatch, and the harbour presented a busier appearance than at any time since the trouble began. Inquiries for work continued throughout the day and many applicants were turned away. The strike position at the wharves showed a distinct improvement yesterday, a number of vessels being worked by free labour under police protection, and the men engaged expressed satisfaction with the conditions offered. Cargo was handled with dispatch, and the harbour presented a busier appearance than at any time since the trouble began. Inquiries for work continued throughout the day and many applicants were turned away.
Comedy and Tragedy.
The strike position at the wharves showed a distinct improvement yesterday, a number of vessels being worked by free labour under police protection, and the men engaged expressed satisfaction with the conditions offered. Cargo was handled with dispatch, and the harbour presented a busier appearance than at any time since the trouble began. Inquiries for work continued throughout the day and many applicants were turned away. The strike position at the wharves showed a distinct improvement yesterday, a number of vessels being worked by free labour under police protection, and the men engaged expressed satisfaction with the conditions offered. Cargo was handled with dispatch, and the harbour presented a busier appearance than at any time since the trouble began. Inquiries for work continued throughout the day and many applicants were turned away.
Dates For Strikers.
The strike position at the wharves showed a distinct improvement yesterday, a number of vessels being worked by free labour under police protection, and the men engaged expressed satisfaction with the conditions offered. Cargo was handled with dispatch, and the harbour presented a busier appearance than at any time since the trouble began. Inquiries for work continued throughout the day and many applicants were turned away. The strike position at the wharves showed a distinct improvement yesterday, a number of vessels being worked by free labour under police protection, and the men engaged expressed satisfaction with the conditions offered. Cargo was handled with dispatch, and the harbour presented a busier appearance than at any time since the trouble began. Inquiries for work continued throughout the day and many applicants were turned away. The strike position at the wharves showed a distinct improvement yesterday, a number of vessels being worked by free labour under police protection, and the men engaged expressed satisfaction with the conditions offered. Cargo was handled with dispatch, and the harbour presented a busier appearance than at any time since the trouble began. Inquiries for work continued throughout the day and many applicants were turned away.
Beside the Avon's Banks.
The strike position at the wharves showed a distinct improvement yesterday, a number of vessels being worked by free labour under police protection, and the men engaged expressed satisfaction with the conditions offered. Cargo was handled with dispatch, and the harbour presented a busier appearance than at any time since the trouble began. Inquiries for work continued throughout the day and many applicants were turned away. The strike position at the wharves showed a distinct improvement yesterday, a number of vessels being worked by free labour under police protection, and the men engaged expressed satisfaction with the conditions offered. Cargo was handled with dispatch, and the harbour presented a busier appearance than at any time since the trouble began. Inquiries for work continued throughout the day and many applicants were turned away. The strike position at the wharves showed a distinct improvement yesterday, a number of vessels being worked by free labour under police protection, and the men engaged expressed satisfaction with the conditions offered. Cargo was handled with dispatch, and the harbour presented a busier appearance than at any time since the trouble began. Inquiries for work continued throughout the day and many applicants were turned away. The strike position at the wharves showed a distinct improvement yesterday, a number of vessels being worked by free labour under police protection, and the men engaged expressed satisfaction with the conditions offered. Cargo was handled with dispatch, and the harbour presented a busier appearance than at any time since the trouble began. Inquiries for work continued throughout the day and many applicants were turned away.
Strikers' Meeting.
The strike position at the wharves showed a distinct improvement yesterday, a number of vessels being worked by free labour under police protection, and the men engaged expressed satisfaction with the conditions offered. Cargo was handled with dispatch, and the harbour presented a busier appearance than at any time since the trouble began. Inquiries for work continued throughout the day and many applicants were turned away. The strike position at the wharves showed a distinct improvement yesterday, a number of vessels being worked by free labour under police protection, and the men engaged expressed satisfaction with the conditions offered. Cargo was handled with dispatch, and the harbour presented a busier appearance than at any time since the trouble began. Inquiries for work continued throughout the day and many applicants were turned away.
The Labour Party.
The strike position at the wharves showed a distinct improvement yesterday, a number of vessels being worked by free labour under police protection, and the men engaged expressed satisfaction with the conditions offered. Cargo was handled with dispatch, and the harbour presented a busier appearance than at any time since the trouble began. Inquiries for work continued throughout the day and many applicants were turned away. The strike position at the wharves showed a distinct improvement yesterday, a number of vessels being worked by free labour under police protection, and the men engaged expressed satisfaction with the conditions offered. Cargo was handled with dispatch, and the harbour presented a busier appearance than at any time since the trouble began. Inquiries for work continued throughout the day and many applicants were turned away. The strike position at the wharves showed a distinct improvement yesterday, a number of vessels being worked by free labour under police protection, and the men engaged expressed satisfaction with the conditions offered. Cargo was handled with dispatch, and the harbour presented a busier appearance than at any time since the trouble began. Inquiries for work continued throughout the day and many applicants were turned away.
(Continued on Pages 7 and 10.)
The strike position at the wharves showed a distinct improvement yesterday, a number of vessels being worked by free labour under police protection, and the men engaged expressed satisfaction with the conditions offered. Cargo was handled with dispatch, and the harbour presented a busier appearance than at any time since the trouble began. Inquiries for work continued throughout the day and many applicants were turned away. The strike position at the wharves showed a distinct improvement yesterday, a number of vessels being worked by free labour under police protection, and the men engaged expressed satisfaction with the conditions offered. Cargo was handled with dispatch, and the harbour presented a busier appearance than at any time since the trouble began. Inquiries for work continued throughout the day and many applicants were turned away. The strike position at the wharves showed a distinct improvement yesterday, a number of vessels being worked by free labour under police protection, and the men engaged expressed satisfaction with the conditions offered. Cargo was handled with dispatch, and the harbour presented a busier appearance than at any time since the trouble began. Inquiries for work continued throughout the day and many applicants were turned away. The strike position at the wharves showed a distinct improvement yesterday, a number of vessels being worked by free labour under police protection, and the men engaged expressed satisfaction with the conditions offered. Cargo was handled with dispatch, and the harbour presented a busier appearance than at any time since the trouble began. Inquiries for work continued throughout the day and many applicants were turned away.
PARENTS STARTLED.
The strike position at the wharves showed a distinct improvement yesterday, a number of vessels being worked by free labour under police protection, and the men engaged expressed satisfaction with the conditions offered. Cargo was handled with dispatch, and the harbour presented a busier appearance than at any time since the trouble began. Inquiries for work continued throughout the day and many applicants were turned away. The strike position at the wharves showed a distinct improvement yesterday, a number of vessels being worked by free labour under police protection, and the men engaged expressed satisfaction with the conditions offered. Cargo was handled with dispatch, and the harbour presented a busier appearance than at any time since the trouble began. Inquiries for work continued throughout the day and many applicants were turned away.
